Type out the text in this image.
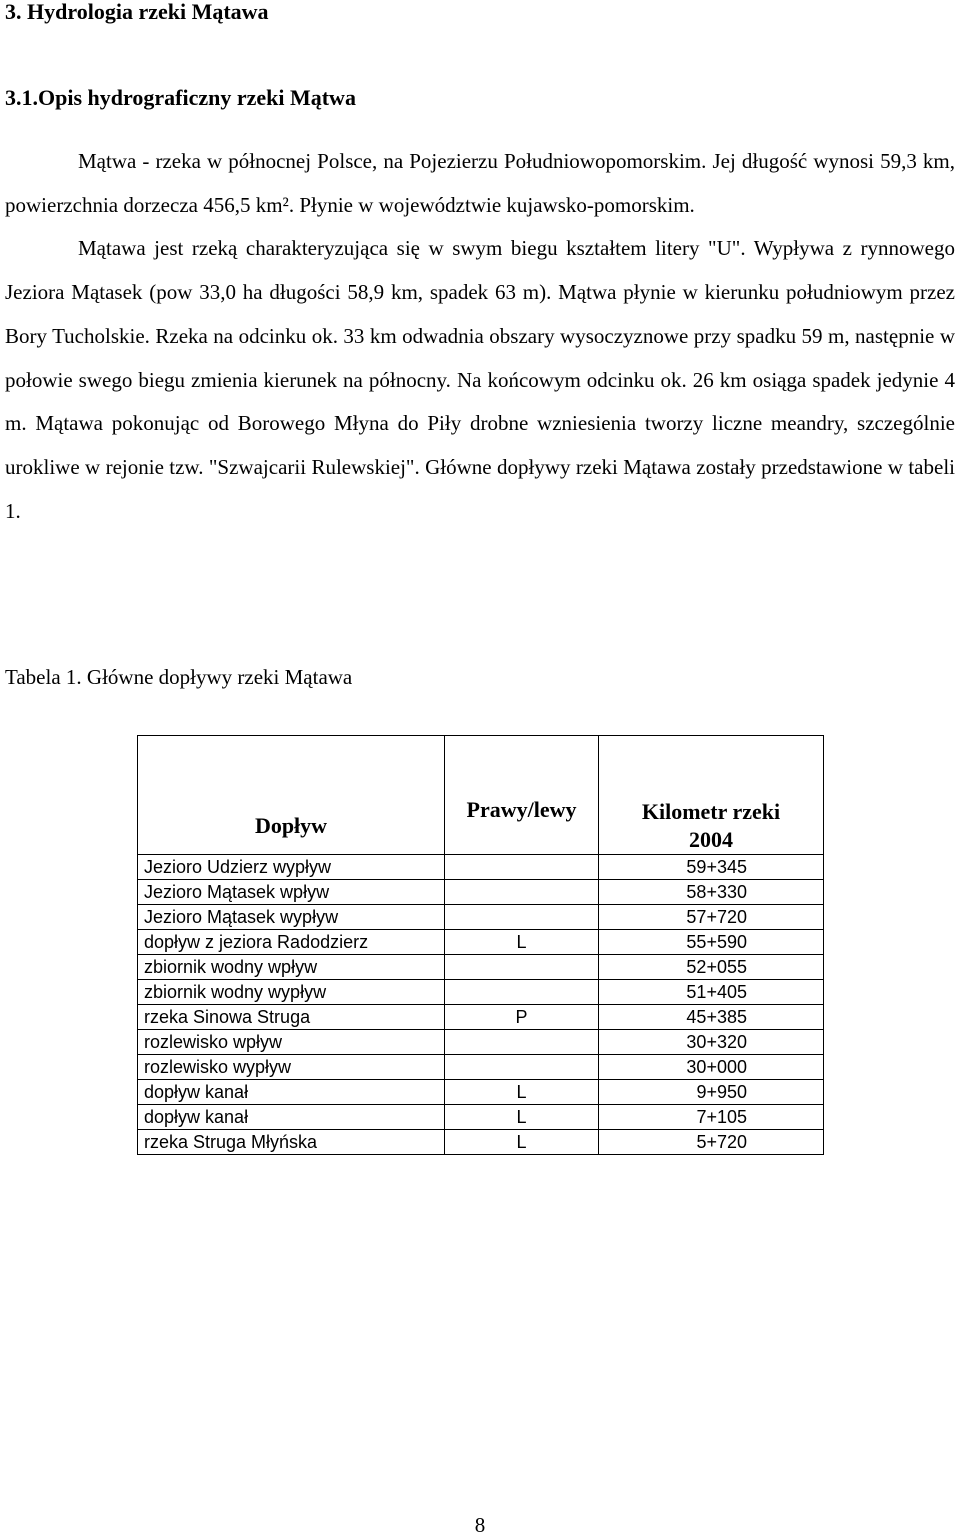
3. Hydrologia rzeki Mątawa
3.1.Opis hydrograficzny rzeki Mątwa

Mątwa - rzeka w północnej Polsce, na Pojezierzu Południowopomorskim. Jej długość wynosi 59,3 km, powierzchnia dorzecza 456,5 km². Płynie w województwie kujawsko-pomorskim.

Mątawa jest rzeką charakteryzująca się w swym biegu kształtem litery "U". Wypływa z rynnowego Jeziora Mątasek (pow 33,0 ha długości 58,9 km, spadek 63 m). Mątwa płynie w kierunku południowym przez Bory Tucholskie. Rzeka na odcinku ok. 33 km odwadnia obszary wysoczyznowe przy spadku 59 m, następnie w połowie swego biegu zmienia kierunek na północny. Na końcowym odcinku ok. 26 km osiąga spadek jedynie 4 m. Mątawa pokonując od Borowego Młyna do Piły drobne wzniesienia tworzy liczne meandry, szczególnie urokliwe w rejonie tzw. "Szwajcarii Rulewskiej". Główne dopływy rzeki Mątawa zostały przedstawione w tabeli 1.

Tabela 1. Główne dopływy rzeki Mątawa
Dopływ	Prawy/lewy	Kilometr rzeki
2004
Jezioro Udzierz wypływ		59+345
Jezioro Mątasek wpływ		58+330
Jezioro Mątasek wypływ		57+720
dopływ z jeziora Radodzierz	L	55+590
zbiornik wodny wpływ		52+055
zbiornik wodny wypływ		51+405
rzeka Sinowa Struga	P	45+385
rozlewisko wpływ		30+320
rozlewisko wypływ		30+000
dopływ kanał	L	9+950
dopływ kanał	L	7+105
rzeka Struga Młyńska	L	5+720
8
